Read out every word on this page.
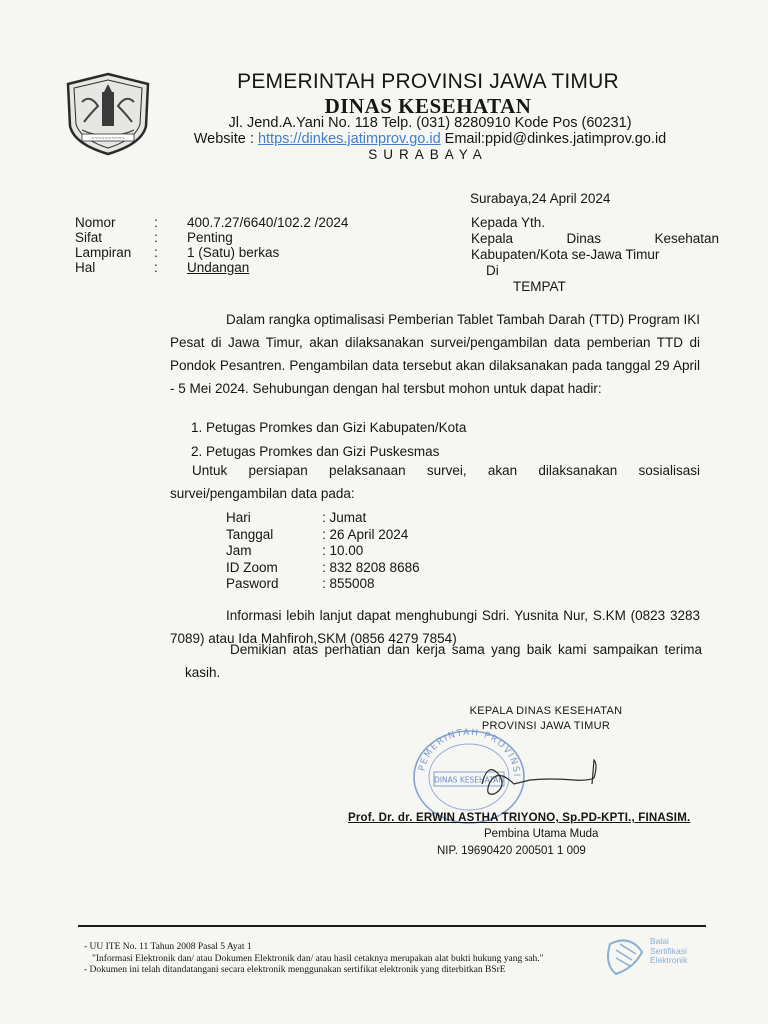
~~~~~~~~~~
PEMERINTAH PROVINSI JAWA TIMUR
DINAS KESEHATAN
Jl. Jend.A.Yani No. 118 Telp. (031) 8280910 Kode Pos (60231)
Website : https://dinkes.jatimprov.go.id Email:ppid@dinkes.jatimprov.go.id
SURABAYA
Surabaya,24 April 2024
Nomor	:	400.7.27/6640/102.2 /2024
Sifat	:	Penting
Lampiran	:	1 (Satu) berkas
Hal	:	Undangan
Kepada Yth.
Kepala	Dinas	Kesehatan
Kabupaten/Kota se-Jawa Timur
Di
TEMPAT
Dalam rangka optimalisasi Pemberian Tablet Tambah Darah (TTD) Program IKI Pesat di Jawa Timur, akan dilaksanakan survei/pengambilan data pemberian TTD di Pondok Pesantren. Pengambilan data tersebut akan dilaksanakan pada tanggal 29 April - 5 Mei 2024. Sehubungan dengan hal tersbut mohon untuk dapat hadir:
1. Petugas Promkes dan Gizi Kabupaten/Kota
2. Petugas Promkes dan Gizi Puskesmas
Untuk persiapan pelaksanaan survei, akan dilaksanakan sosialisasi survei/pengambilan data pada:
Hari	: Jumat
Tanggal	: 26 April 2024
Jam	: 10.00
ID Zoom	: 832 8208 8686
Pasword	: 855008
Informasi lebih lanjut dapat menghubungi Sdri. Yusnita Nur, S.KM (0823 3283 7089) atau Ida Mahfiroh,SKM (0856 4279 7854)
Demikian atas perhatian dan kerja sama yang baik kami sampaikan terima kasih.
KEPALA DINAS KESEHATAN
PROVINSI JAWA TIMUR
PEMERINTAH PROVINSI
DINAS KESEHATAN
Prof. Dr. dr. ERWIN ASTHA TRIYONO, Sp.PD-KPTI., FINASIM.
Pembina Utama Muda
NIP. 19690420 200501 1 009
- UU ITE No. 11 Tahun 2008 Pasal 5 Ayat 1
"Informasi Elektronik dan/ atau Dokumen Elektronik dan/ atau hasil cetaknya merupakan alat bukti hukung yang sah."
- Dokumen ini telah ditandatangani secara elektronik menggunakan sertifikat elektronik yang diterbitkan BSrE
Balai
Sertifikasi
Elektronik
